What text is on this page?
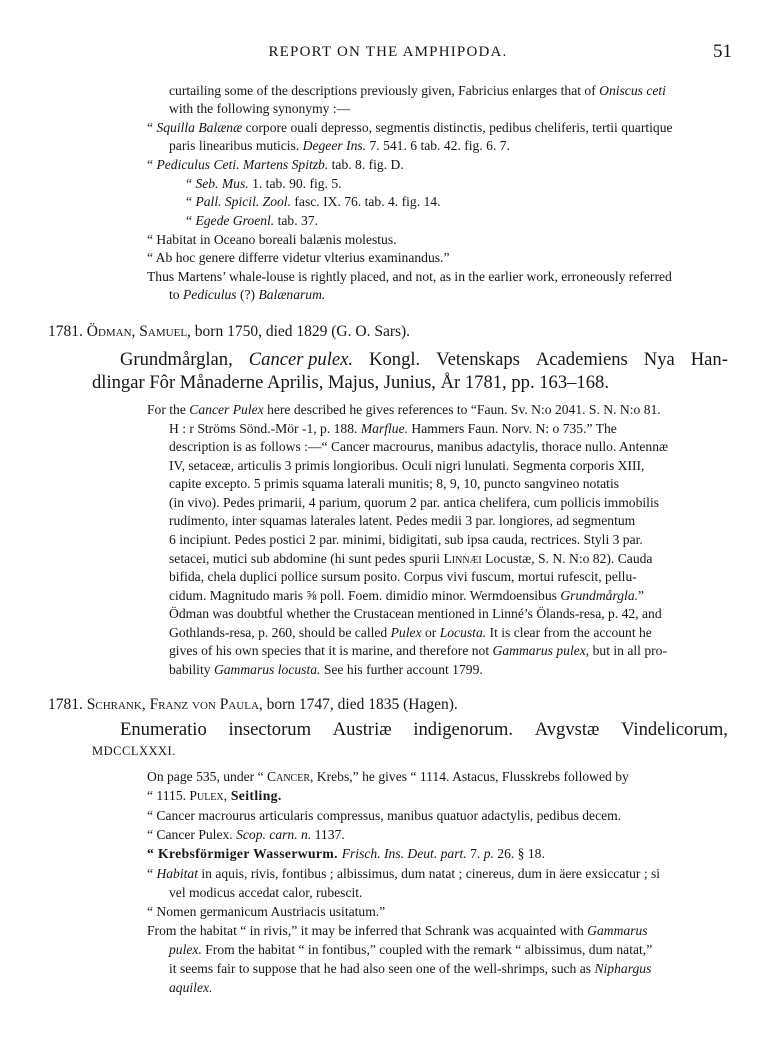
REPORT ON THE AMPHIPODA.	51
curtailing some of the descriptions previously given, Fabricius enlarges that of Oniscus ceti
with the following synonymy :—
“ Squilla Balænæ corpore ouali depresso, segmentis distinctis, pedibus cheliferis, tertii quartique
paris linearibus muticis. Degeer Ins. 7. 541. 6 tab. 42. fig. 6. 7.
“ Pediculus Ceti. Martens Spitzb. tab. 8. fig. D.
“ Seb. Mus. 1. tab. 90. fig. 5.
“ Pall. Spicil. Zool. fasc. IX. 76. tab. 4. fig. 14.
“ Egede Groenl. tab. 37.
“ Habitat in Oceano boreali balænis molestus.
“ Ab hoc genere differre videtur vlterius examinandus.”
Thus Martens’ whale-louse is rightly placed, and not, as in the earlier work, erroneously referred
to Pediculus (?) Balænarum.
1781. Ödman, Samuel, born 1750, died 1829 (G. O. Sars).
Grundmårglan, Cancer pulex. Kongl. Vetenskaps Academiens Nya Han-
dlingar Fôr Månaderne Aprilis, Majus, Junius, År 1781, pp. 163–168.
For the Cancer Pulex here described he gives references to “Faun. Sv. N:o 2041. S. N. N:o 81.
H : r Ströms Sönd.-Mör -1, p. 188. Marflue. Hammers Faun. Norv. N: o 735.” The
description is as follows :—“ Cancer macrourus, manibus adactylis, thorace nullo. Antennæ
IV, setaceæ, articulis 3 primis longioribus. Oculi nigri lunulati. Segmenta corporis XIII,
capite excepto. 5 primis squama laterali munitis; 8, 9, 10, puncto sangvineo notatis
(in vivo). Pedes primarii, 4 parium, quorum 2 par. antica chelifera, cum pollicis immobilis
rudimento, inter squamas laterales latent. Pedes medii 3 par. longiores, ad segmentum
6 incipiunt. Pedes postici 2 par. minimi, bidigitati, sub ipsa cauda, rectrices. Styli 3 par.
setacei, mutici sub abdomine (hi sunt pedes spurii Linnæi Locustæ, S. N. N:o 82). Cauda
bifida, chela duplici pollice sursum posito. Corpus vivi fuscum, mortui rufescit, pellu-
cidum. Magnitudo maris ⅝ poll. Foem. dimidio minor. Wermdoensibus Grundmårgla.”
Ödman was doubtful whether the Crustacean mentioned in Linné’s Ölands-resa, p. 42, and
Gothlands-resa, p. 260, should be called Pulex or Locusta. It is clear from the account he
gives of his own species that it is marine, and therefore not Gammarus pulex, but in all pro-
bability Gammarus locusta. See his further account 1799.
1781. Schrank, Franz von Paula, born 1747, died 1835 (Hagen).
Enumeratio insectorum Austriæ indigenorum. Avgvstæ Vindelicorum,
MDCCLXXXI.
On page 535, under “ Cancer, Krebs,” he gives “ 1114. Astacus, Flusskrebs followed by
“ 1115. Pulex, Seitling.
“ Cancer macrourus articularis compressus, manibus quatuor adactylis, pedibus decem.
“ Cancer Pulex. Scop. carn. n. 1137.
“ Krebsförmiger Wasserwurm. Frisch. Ins. Deut. part. 7. p. 26. § 18.
“ Habitat in aquis, rivis, fontibus ; albissimus, dum natat ; cinereus, dum in äere exsiccatur ; si
vel modicus accedat calor, rubescit.
“ Nomen germanicum Austriacis usitatum.”
From the habitat “ in rivis,” it may be inferred that Schrank was acquainted with Gammarus
pulex. From the habitat “ in fontibus,” coupled with the remark “ albissimus, dum natat,”
it seems fair to suppose that he had also seen one of the well-shrimps, such as Niphargus
aquilex.
